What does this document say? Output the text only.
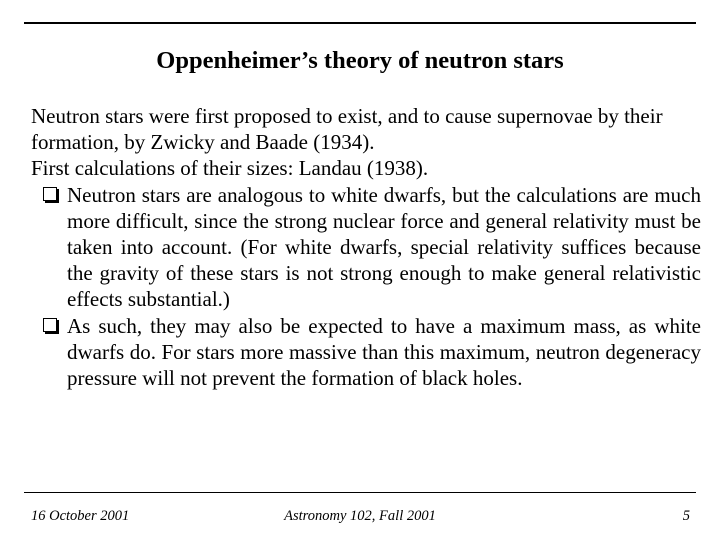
Oppenheimer’s theory of neutron stars

Neutron stars were first proposed to exist, and to cause supernovae by their formation, by Zwicky and Baade (1934).

First calculations of their sizes: Landau (1938).

Neutron stars are analogous to white dwarfs, but the calculations are much more difficult, since the strong nuclear force and general relativity must be taken into account. (For white dwarfs, special relativity suffices because the gravity of these stars is not strong enough to make general relativistic effects substantial.)
As such, they may also be expected to have a maximum mass, as white dwarfs do. For stars more massive than this maximum, neutron degeneracy pressure will not prevent the formation of black holes.
16 October 2001	Astronomy 102, Fall 2001	5
